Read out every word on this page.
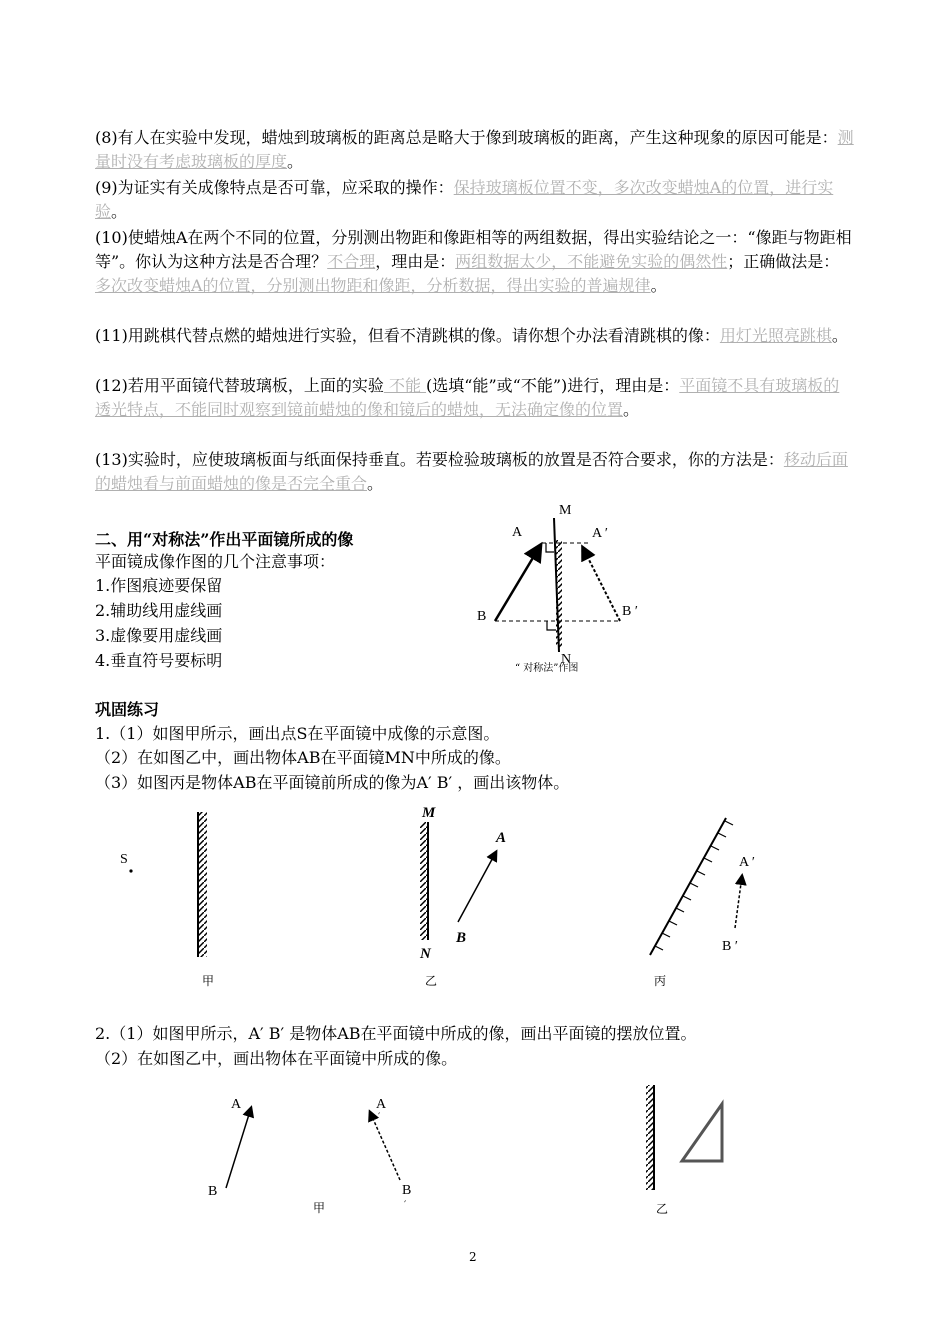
(8)有人在实验中发现，蜡烛到玻璃板的距离总是略大于像到玻璃板的距离，产生这种现象的原因可能是：测量时没有考虑玻璃板的厚度。
(9)为证实有关成像特点是否可靠，应采取的操作：保持玻璃板位置不变，多次改变蜡烛A的位置，进行实验。
(10)使蜡烛A在两个不同的位置，分别测出物距和像距相等的两组数据，得出实验结论之一：“像距与物距相等”。你认为这种方法是否合理？不合理，理由是：两组数据太少，不能避免实验的偶然性；正确做法是：多次改变蜡烛A的位置，分别测出物距和像距，分析数据，得出实验的普遍规律。
(11)用跳棋代替点燃的蜡烛进行实验，但看不清跳棋的像。请你想个办法看清跳棋的像：用灯光照亮跳棋。
(12)若用平面镜代替玻璃板，上面的实验 不能 (选填“能”或“不能”)进行，理由是：平面镜不具有玻璃板的透光特点，不能同时观察到镜前蜡烛的像和镜后的蜡烛，无法确定像的位置。
(13)实验时，应使玻璃板面与纸面保持垂直。若要检验玻璃板的放置是否符合要求，你的方法是：移动后面的蜡烛看与前面蜡烛的像是否完全重合。
二、用“对称法”作出平面镜所成的像
平面镜成像作图的几个注意事项：
1.作图痕迹要保留
2.辅助线用虚线画
3.虚像要用虚线画
4.垂直符号要标明
M
N
A	A ′
B	B ′
“ 对称法”作图
巩固练习
1.（1）如图甲所示，画出点S在平面镜中成像的示意图。
（2）在如图乙中，画出物体AB在平面镜MN中所成的像。
（3）如图丙是物体AB在平面镜前所成的像为A′ B′ ，画出该物体。
S
甲
M
N
A
B
乙
A ′
B ′
丙
2.（1）如图甲所示，A′ B′ 是物体AB在平面镜中所成的像，画出平面镜的摆放位置。
（2）在如图乙中，画出物体在平面镜中所成的像。
A
B
A
′
B
′
甲	乙
2
